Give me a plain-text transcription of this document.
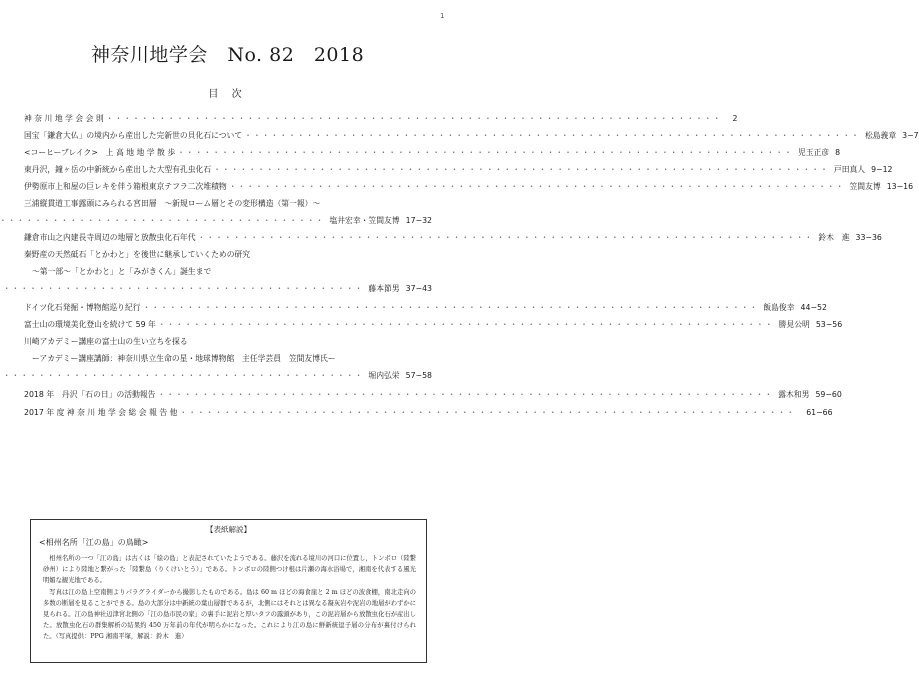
1
神奈川地学会　No. 82　2018
目 次
神 奈 川 地 学 会 会 則 ・・・・・・・・・・・・・・・・・・・・・・・・・・・・・・・・・・・・・・・・・・・・・・・・・・・・・・・・・・・・・・・・・・・・・・	2
国宝「鎌倉大仏」の境内から産出した完新世の貝化石について ・・・・・・・・・・・・・・・・・・・・・・・・・・・・・・・・・・・・・・・・・・・・・・・・・・・・・・・・・・・・・・・・・・・・・・	松島義章 3−7
<コーヒーブレイク>　上 高 地 地 学 散 歩 ・・・・・・・・・・・・・・・・・・・・・・・・・・・・・・・・・・・・・・・・・・・・・・・・・・・・・・・・・・・・・・・・・・・・・・	児玉正彦 8
東丹沢，鐘ヶ岳の中新統から産出した大型有孔虫化石 ・・・・・・・・・・・・・・・・・・・・・・・・・・・・・・・・・・・・・・・・・・・・・・・・・・・・・・・・・・・・・・・・・・・・・・	戸田真人 9−12
伊勢原市上和屋の巨レキを伴う箱根東京テフラ二次堆積物 ・・・・・・・・・・・・・・・・・・・・・・・・・・・・・・・・・・・・・・・・・・・・・・・・・・・・・・・・・・・・・・・・・・・・・・	笠間友博 13−16
三浦縦貫道工事露頭にみられる宮田層　〜新規ローム層とその変形構造（第一報）〜
・・・・・・・・・・・・・・・・・・・・・・・・・・・・・・・・・・・・・・・・・・・・・・・・・・・・・・・・・・・・・・・・・・・・・・
塩井宏幸・笠間友博 17−32
鎌倉市山之内建長寺周辺の地層と放散虫化石年代 ・・・・・・・・・・・・・・・・・・・・・・・・・・・・・・・・・・・・・・・・・・・・・・・・・・・・・・・・・・・・・・・・・・・・・・	鈴木　進 33−36
秦野産の天然砥石「とかわと」を後世に継承していくための研究
〜第一部〜「とかわと」と「みがきくん」誕生まで
・・・・・・・・・・・・・・・・・・・・・・・・・・・・・・・・・・・・・・・・・・・・・・・・・・・・・・・・・・・・・・・・・・・・・・
藤本節男 37−43
ドイツ化石発掘・博物館巡り紀行 ・・・・・・・・・・・・・・・・・・・・・・・・・・・・・・・・・・・・・・・・・・・・・・・・・・・・・・・・・・・・・・・・・・・・・・	飯島俊幸 44−52
富士山の環境美化登山を続けて 59 年 ・・・・・・・・・・・・・・・・・・・・・・・・・・・・・・・・・・・・・・・・・・・・・・・・・・・・・・・・・・・・・・・・・・・・・・	勝見公明 53−56
川崎アカデミー講座の富士山の生い立ちを探る
ーアカデミー講座講師：神奈川県立生命の星・地球博物館　主任学芸員　笠間友博氏ー
・・・・・・・・・・・・・・・・・・・・・・・・・・・・・・・・・・・・・・・・・・・・・・・・・・・・・・・・・・・・・・・・・・・・・・
堀内弘栄 57−58
2018 年　丹沢「石の日」の活動報告 ・・・・・・・・・・・・・・・・・・・・・・・・・・・・・・・・・・・・・・・・・・・・・・・・・・・・・・・・・・・・・・・・・・・・・・	露木和男 59−60
2017 年 度 神 奈 川 地 学 会 総 会 報 告 他 ・・・・・・・・・・・・・・・・・・・・・・・・・・・・・・・・・・・・・・・・・・・・・・・・・・・・・・・・・・・・・・・・・・・・・・	61−66
【表紙解説】
<相州名所「江の島」の鳥瞰>

相州名所の一つ「江の島」は古くは「絵の島」と表記されていたようである。藤沢を流れる境川の河口に位置し，トンボロ（陸繋砂州）により陸地と繋がった「陸繋島（りくけいとう）」である。トンボロの陸側つけ根は片瀬の海水浴場で，湘南を代表する風光明媚な観光地である。

写真は江の島上空南側よりパラグライダーから撮影したものである。島は 60 m ほどの海食崖と 2 m ほどの波食棚，南北走向の多数の断層を見ることができる。島の大部分は中新統の葉山層群であるが，北側にはそれとは異なる凝灰岩や泥岩の地層がわずかに見られる。江の島神社辺津宮北側の「江の島市民の家」の裏手に泥岩と厚いタフの露頭があり，この泥岩層から放散虫化石が産出した。放散虫化石の群集解析の結果約 450 万年前の年代が明らかになった。これにより江の島に鮮新統逗子層の分布が裏付けられた。（写真提供：PPG 湘南平塚，解説：鈴木　進）
